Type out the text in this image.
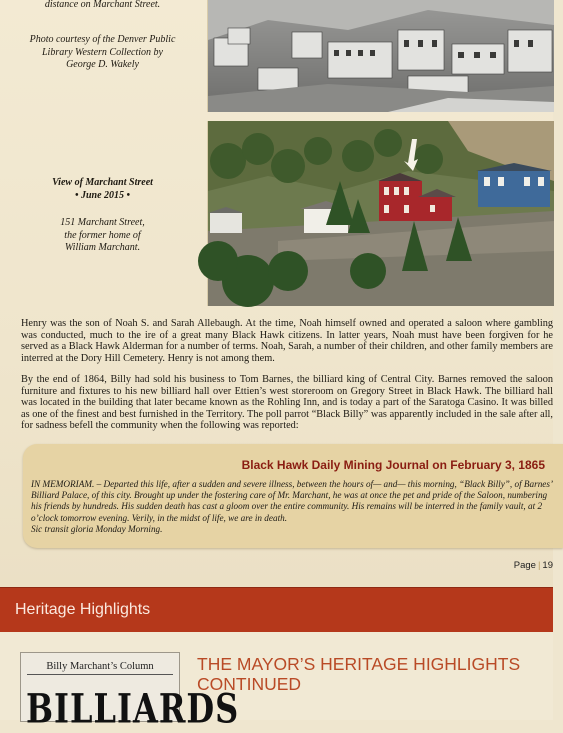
distance on Marchant Street.
Photo courtesy of the Denver Public Library Western Collection by George D. Wakely
View of Marchant Street
• June 2015 •
151 Marchant Street, the former home of William Marchant.
Henry was the son of Noah S. and Sarah Allebaugh. At the time, Noah himself owned and operated a saloon where gambling was conducted, much to the ire of a great many Black Hawk citizens. In latter years, Noah must have been forgiven for he served as a Black Hawk Alderman for a number of terms. Noah, Sarah, a number of their children, and other family members are interred at the Dory Hill Cemetery. Henry is not among them.
By the end of 1864, Billy had sold his business to Tom Barnes, the billiard king of Central City. Barnes removed the saloon furniture and fixtures to his new billiard hall over Ettien’s west storeroom on Gregory Street in Black Hawk. The billiard hall was located in the building that later became known as the Rohling Inn, and is today a part of the Saratoga Casino. It was billed as one of the finest and best furnished in the Territory. The poll parrot “Black Billy” was apparently included in the sale after all, for sadness befell the community when the following was reported:
Black Hawk Daily Mining Journal on February 3, 1865
IN MEMORIAM. – Departed this life, after a sudden and severe illness, between the hours of— and— this morning, “Black Billy”, of Barnes’ Billiard Palace, of this city. Brought up under the fostering care of Mr. Marchant, he was at once the pet and pride of the Saloon, numbering his friends by hundreds. His sudden death has cast a gloom over the entire community. His remains will be interred in the family vault, at 2 o’clock tomorrow evening. Verily, in the midst of life, we are in death.
Sic transit gloria Monday Morning.
Page | 19
Heritage Highlights
Billy Marchant’s Column
BILLIARDS
THE MAYOR’S HERITAGE HIGHLIGHTS
CONTINUED
